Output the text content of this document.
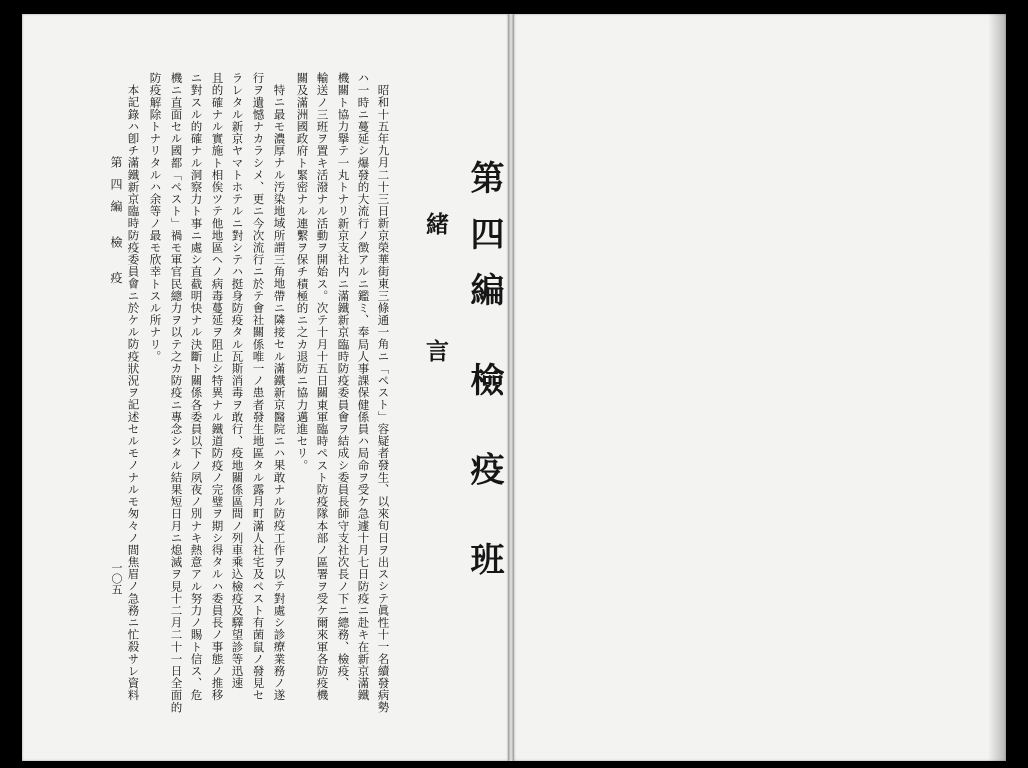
第四編 檢 疫 班
緒 言
昭和十五年九月二十三日新京榮華街東三條通一角ニ「ペスト」容疑者發生、以來旬日ヲ出スシテ眞性十一名續發病勢
ハ一時ニ蔓延シ爆發的大流行ノ徴アルニ鑑ミ、奉局人事課保健係員ハ局命ヲ受ケ急遽十月七日防疫ニ赴キ在新京滿鐵
機關ト協力擧テ一丸トナリ新京支社内ニ滿鐵新京臨時防疫委員會ヲ結成シ委員長師守支社次長ノ下ニ總務、檢疫、
輸送ノ三班ヲ置キ活潑ナル活動ヲ開始ス。次テ十月十五日關東軍臨時ペスト防疫隊本部ノ區署ヲ受ケ爾來軍各防疫機
關及滿洲國政府ト緊密ナル連繫ヲ保チ積極的ニ之カ退防ニ協力邁進セリ。
特ニ最モ濃厚ナル汚染地域所謂三角地帶ニ隣接セル滿鐵新京醫院ニハ果敢ナル防疫工作ヲ以テ對處シ診療業務ノ遂
行ヲ遺憾ナカラシメ、更ニ今次流行ニ於テ會社關係唯一ノ患者發生地區タル露月町滿人社宅及ペスト有菌鼠ノ發見セ
ラレタル新京ヤマトホテルニ對シテハ挺身防疫タル瓦斯消毒ヲ敢行、疫地關係區間ノ列車乘込檢疫及驛望診等迅速
且的確ナル實施ト相俟ツテ他地區ヘノ病毒蔓延ヲ阻止シ特異ナル鐵道防疫ノ完璧ヲ期シ得タルハ委員長ノ事態ノ推移
ニ對スル的確ナル洞察力ト事ニ處シ直截明快ナル決斷ト關係各委員以下ノ夙夜ノ別ナキ熱意アル努力ノ賜ト信ス、危
機ニ直面セル國都「ペスト」禍モ軍官民總力ヲ以テ之カ防疫ニ專念シタル結果短日月ニ熄滅ヲ見十二月二十一日全面的
防疫解除トナリタルハ余等ノ最モ欣幸トスル所ナリ。
本記錄ハ卽チ滿鐵新京臨時防疫委員會ニ於ケル防疫狀況ヲ記述セルモノナルモ匆々ノ間焦眉ノ急務ニ忙殺サレ資料
第四編 檢 疫
一〇五
